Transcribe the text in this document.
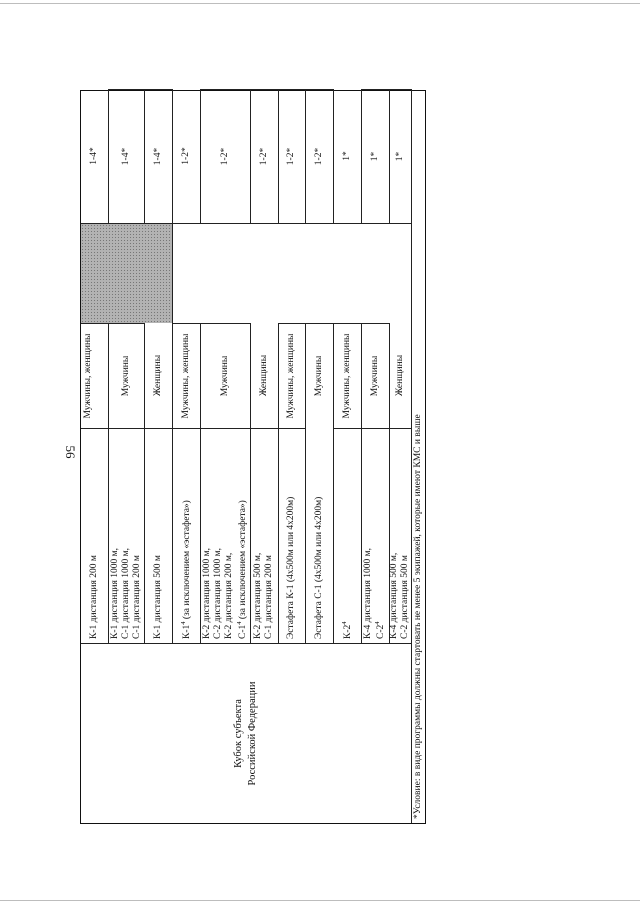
56
Кубок субъекта Российской Федерации
К-1 дистанция 200 м
Мужчины, женщины
1-4*
К-1 дистанция 1000 м, С-1 дистанция 1000 м, С-1 дистанция 200 м
Мужчины
1-4*
К-1 дистанция 500 м
Женщины
1-4*
$К-1^4$ (за исключением «эстафета»)
Мужчины, женщины
1-2*
К-2 дистанция 1000 м, С-2 дистанция 1000 м, К-2 дистанция 200 м, $С-1^4$ (за исключением «эстафета»)
Мужчины
1-2*
К-2 дистанция 500 м, С-1 дистанция 200 м
Женщины
1-2*
Эстафета К-1 (4х500м или 4х200м)
Мужчины, женщины
1-2*
Эстафета С-1 (4х500м или 4х200м)
Мужчины
1-2*
$К-2^4$
Мужчины, женщины
1*
К-4 дистанция 1000 м, $С-2^4$
Мужчины
1*
К-4 дистанция 500 м, С-2 дистанция 500 м
Женщины
1*
*Условие: в виде программы должны стартовать не менее 5 экипажей, которые имеют КМС и выше
